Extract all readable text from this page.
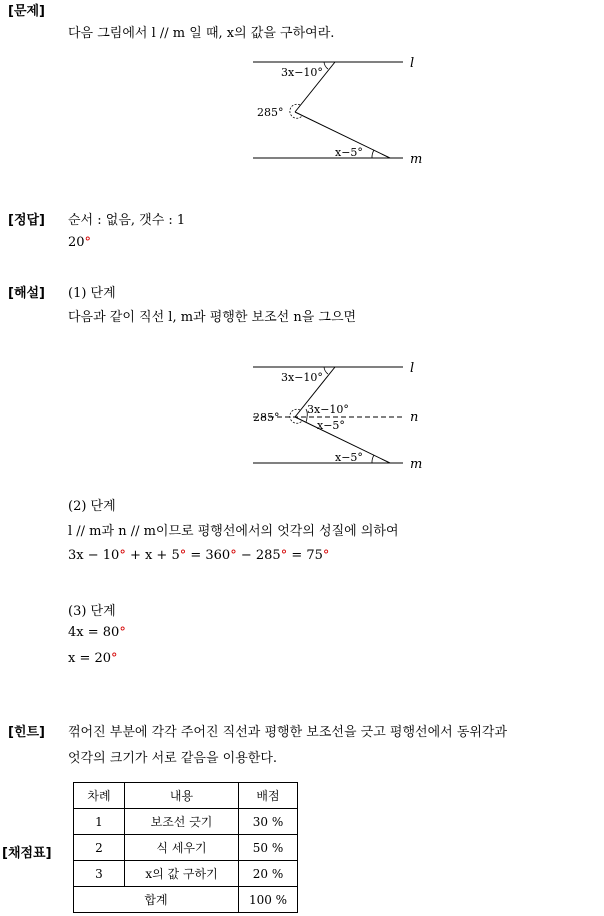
[문제]
다음 그림에서 l // m 일 때, x의 값을 구하여라.
l
m
3x−10°
285°
x−5°
[정답] 순서 : 없음, 갯수 : 1
20°
[해설] (1) 단계
다음과 같이 직선 l, m과 평행한 보조선 n을 그으면
l
n
m
3x−10°
285°
3x−10°
x−5°
x−5°
(2) 단계
l // m과 n // m이므로 평행선에서의 엇각의 성질에 의하여
3x − 10° + x + 5° = 360° − 285° = 75°
(3) 단계
4x = 80°
x = 20°
[힌트] 꺾어진 부분에 각각 주어진 직선과 평행한 보조선을 긋고 평행선에서 동위각과
엇각의 크기가 서로 같음을 이용한다.
[채점표]
차례	내용	배점
1	보조선 긋기	30 %
2	식 세우기	50 %
3	x의 값 구하기	20 %
합계		100 %
